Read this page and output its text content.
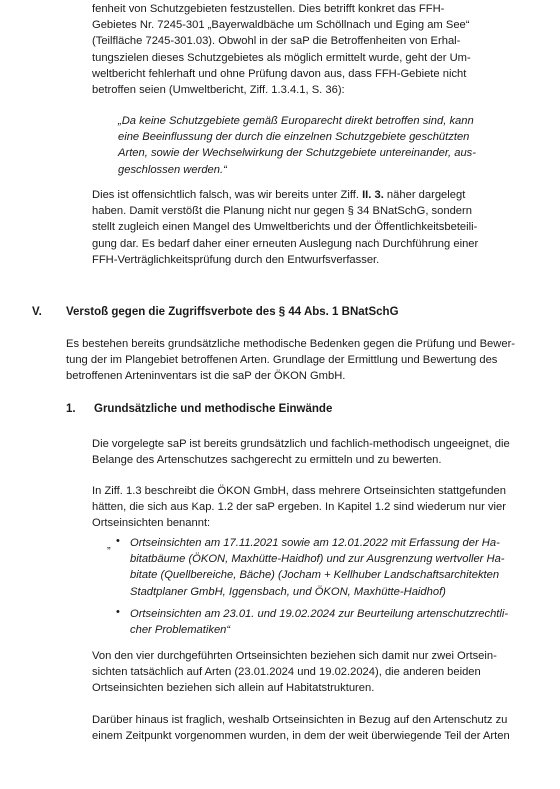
fenheit von Schutzgebieten festzustellen. Dies betrifft konkret das FFH-
Gebietes Nr. 7245-301 „Bayerwaldbäche um Schöllnach und Eging am See“
(Teilfläche 7245-301.03). Obwohl in der saP die Betroffenheiten von Erhal-
tungszielen dieses Schutzgebietes als möglich ermittelt wurde, geht der Um-
weltbericht fehlerhaft und ohne Prüfung davon aus, dass FFH-Gebiete nicht
betroffen seien (Umweltbericht, Ziff. 1.3.4.1, S. 36):
„Da keine Schutzgebiete gemäß Europarecht direkt betroffen sind, kann
eine Beeinflussung der durch die einzelnen Schutzgebiete geschützten
Arten, sowie der Wechselwirkung der Schutzgebiete untereinander, aus-
geschlossen werden.“
Dies ist offensichtlich falsch, was wir bereits unter Ziff. II. 3. näher dargelegt
haben. Damit verstößt die Planung nicht nur gegen § 34 BNatSchG, sondern
stellt zugleich einen Mangel des Umweltberichts und der Öffentlichkeitsbeteili-
gung dar. Es bedarf daher einer erneuten Auslegung nach Durchführung einer
FFH-Verträglichkeitsprüfung durch den Entwurfsverfasser.
V. Verstoß gegen die Zugriffsverbote des § 44 Abs. 1 BNatSchG
Es bestehen bereits grundsätzliche methodische Bedenken gegen die Prüfung und Bewer-
tung der im Plangebiet betroffenen Arten. Grundlage der Ermittlung und Bewertung des
betroffenen Arteninventars ist die saP der ÖKON GmbH.
1. Grundsätzliche und methodische Einwände
Die vorgelegte saP ist bereits grundsätzlich und fachlich-methodisch ungeeignet, die
Belange des Artenschutzes sachgerecht zu ermitteln und zu bewerten.
In Ziff. 1.3 beschreibt die ÖKON GmbH, dass mehrere Ortseinsichten stattgefunden
hätten, die sich aus Kap. 1.2 der saP ergeben. In Kapitel 1.2 sind wiederum nur vier
Ortseinsichten benannt:
„ • Ortseinsichten am 17.11.2021 sowie am 12.01.2022 mit Erfassung der Ha-
bitatbäume (ÖKON, Maxhütte-Haidhof) und zur Ausgrenzung wertvoller Ha-
bitate (Quellbereiche, Bäche) (Jocham + Kellhuber Landschaftsarchitekten
Stadtplaner GmbH, Iggensbach, und ÖKON, Maxhütte-Haidhof)
• Ortseinsichten am 23.01. und 19.02.2024 zur Beurteilung artenschutzrechtli-
cher Problematiken“
Von den vier durchgeführten Ortseinsichten beziehen sich damit nur zwei Ortsein-
sichten tatsächlich auf Arten (23.01.2024 und 19.02.2024), die anderen beiden
Ortseinsichten beziehen sich allein auf Habitatstrukturen.
Darüber hinaus ist fraglich, weshalb Ortseinsichten in Bezug auf den Artenschutz zu
einem Zeitpunkt vorgenommen wurden, in dem der weit überwiegende Teil der Arten
